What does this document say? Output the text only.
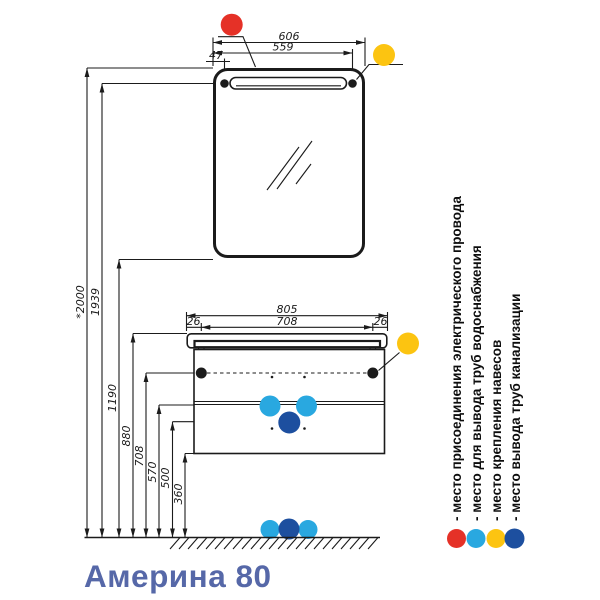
*2000 1939
1190
880
708
570 500
360
606
559
47
805
708
26	26	- место присоединения электрического провода - место для вывода труб водоснабжения - место крепления навесов - место вывода труб канализации
Америна 80
